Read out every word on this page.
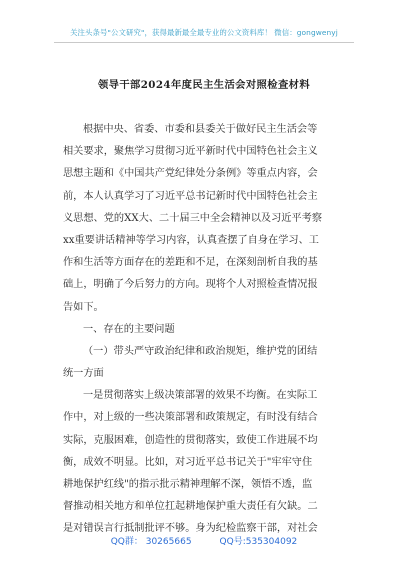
关注头条号"公文研究"，获得最新最全最专业的公文资料库！ 微信：gongwenyj
领导干部2024年度民主生活会对照检查材料
根据中央、省委、市委和县委关于做好民主生活会等
相关要求，聚焦学习贯彻习近平新时代中国特色社会主义
思想主题和《中国共产党纪律处分条例》等重点内容，会
前，本人认真学习了习近平总书记新时代中国特色社会主
义思想、党的XX大、二十届三中全会精神以及习近平考察
xx重要讲话精神等学习内容，认真查摆了自身在学习、工
作和生活等方面存在的差距和不足，在深刻剖析自我的基
础上，明确了今后努力的方向。现将个人对照检查情况报
告如下。
一、存在的主要问题
（一）带头严守政治纪律和政治规矩，维护党的团结
统一方面
一是贯彻落实上级决策部署的效果不均衡。在实际工
作中，对上级的一些决策部署和政策规定，有时没有结合
实际，克服困难，创造性的贯彻落实，致使工作进展不均
衡，成效不明显。比如，对习近平总书记关于"牢牢守住
耕地保护红线"的指示批示精神理解不深，领悟不透，监
督推动相关地方和单位扛起耕地保护重大责任有欠缺。二
是对错误言行抵制批评不够。身为纪检监察干部，对社会
QQ群： 30265665	QQ号:535304092
